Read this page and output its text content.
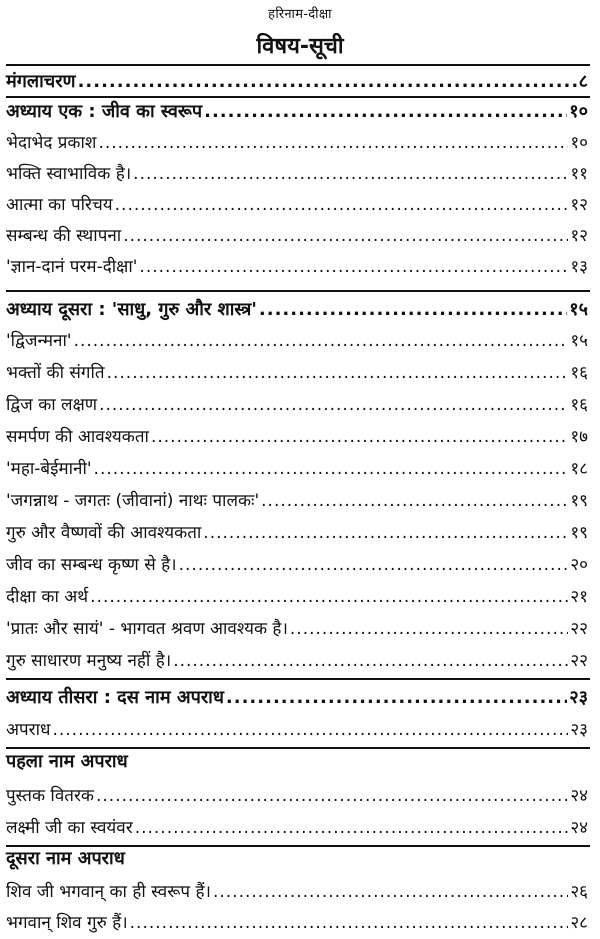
हरिनाम-दीक्षा
विषय-सूची
मंगलाचरण .....	८
अध्याय एक : जीव का स्वरूप .....	१०
भेदाभेद प्रकाश .....	१०
भक्ति स्वाभाविक है। .....	११
आत्मा का परिचय .....	१२
सम्बन्ध की स्थापना .....	१२
'ज्ञान-दानं परम-दीक्षा' .....	१३
अध्याय दूसरा : 'साधु, गुरु और शास्त्र' .....	१५
'द्विजन्मना' .....	१५
भक्तों की संगति .....	१६
द्विज का लक्षण .....	१६
समर्पण की आवश्यकता .....	१७
'महा-बेईमानी' .....	१८
'जगन्नाथ - जगतः (जीवानां) नाथः पालकः' .....	१९
गुरु और वैष्णवों की आवश्यकता .....	१९
जीव का सम्बन्ध कृष्ण से है। .....	२०
दीक्षा का अर्थ .....	२१
'प्रातः और सायं' - भागवत श्रवण आवश्यक है। .....	२२
गुरु साधारण मनुष्य नहीं है। .....	२२
अध्याय तीसरा : दस नाम अपराध .....	२३
अपराध .....	२३
पहला नाम अपराध
पुस्तक वितरक .....	२४
लक्ष्मी जी का स्वयंवर .....	२४
दूसरा नाम अपराध
शिव जी भगवान् का ही स्वरूप हैं। .....	२६
भगवान् शिव गुरु हैं। .....	२८
